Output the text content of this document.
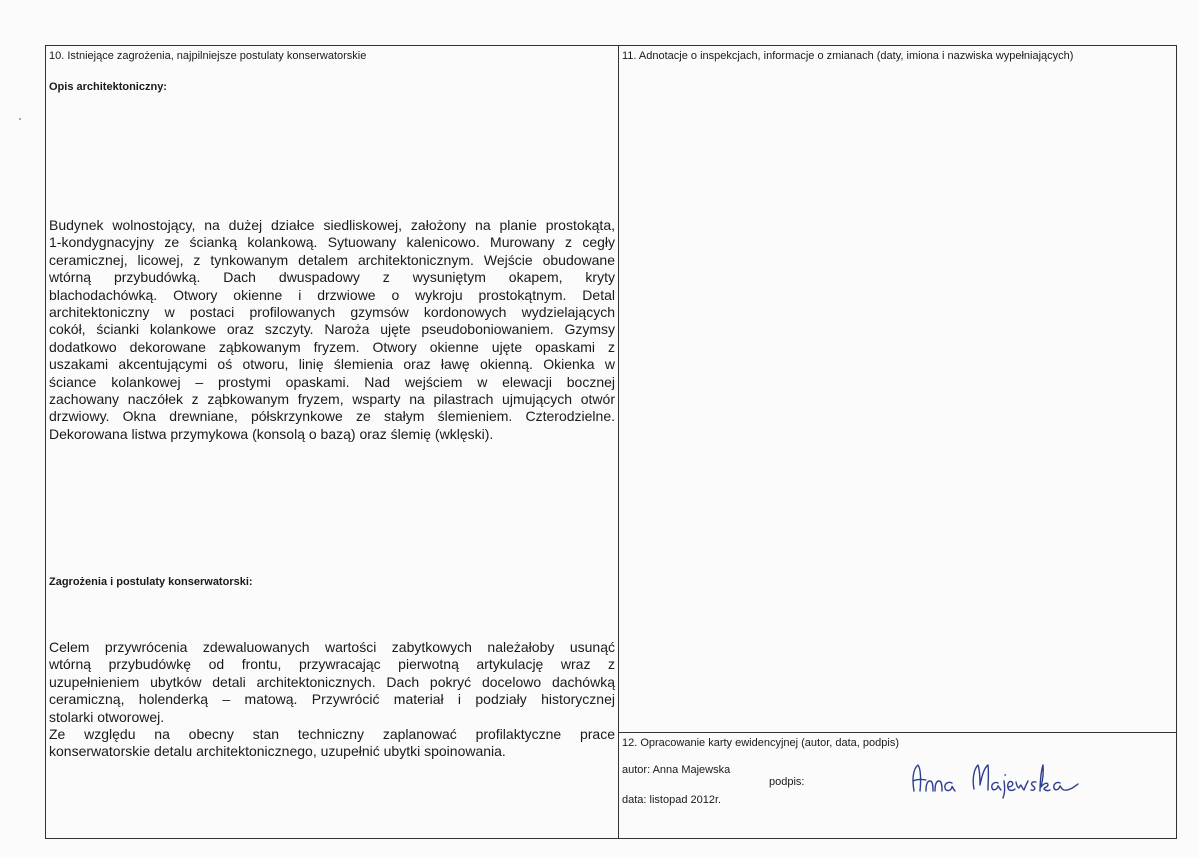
10. Istniejące zagrożenia, najpilniejsze postulaty konserwatorskie
Opis architektoniczny:
Budynek wolnostojący, na dużej działce siedliskowej, założony na planie prostokąta,
1-kondygnacyjny ze ścianką kolankową. Sytuowany kalenicowo. Murowany z cegły
ceramicznej, licowej, z tynkowanym detalem architektonicznym. Wejście obudowane
wtórną przybudówką. Dach dwuspadowy z wysuniętym okapem, kryty
blachodachówką. Otwory okienne i drzwiowe o wykroju prostokątnym. Detal
architektoniczny w postaci profilowanych gzymsów kordonowych wydzielających
cokół, ścianki kolankowe oraz szczyty. Naroża ujęte pseudoboniowaniem. Gzymsy
dodatkowo dekorowane ząbkowanym fryzem. Otwory okienne ujęte opaskami z
uszakami akcentującymi oś otworu, linię ślemienia oraz ławę okienną. Okienka w
ściance kolankowej – prostymi opaskami. Nad wejściem w elewacji bocznej
zachowany naczółek z ząbkowanym fryzem, wsparty na pilastrach ujmujących otwór
drzwiowy. Okna drewniane, półskrzynkowe ze stałym ślemieniem. Czterodzielne.
Dekorowana listwa przymykowa (konsolą o bazą) oraz ślemię (wklęski).
Zagrożenia i postulaty konserwatorski:
Celem przywrócenia zdewaluowanych wartości zabytkowych należałoby usunąć
wtórną przybudówkę od frontu, przywracając pierwotną artykulację wraz z
uzupełnieniem ubytków detali architektonicznych. Dach pokryć docelowo dachówką
ceramiczną, holenderką – matową. Przywrócić materiał i podziały historycznej
stolarki otworowej.
Ze względu na obecny stan techniczny zaplanować profilaktyczne prace
konserwatorskie detalu architektonicznego, uzupełnić ubytki spoinowania.
11. Adnotacje o inspekcjach, informacje o zmianach (daty, imiona i nazwiska wypełniających)
12. Opracowanie karty ewidencyjnej (autor, data, podpis)
autor: Anna Majewska
podpis:
data: listopad 2012r.
